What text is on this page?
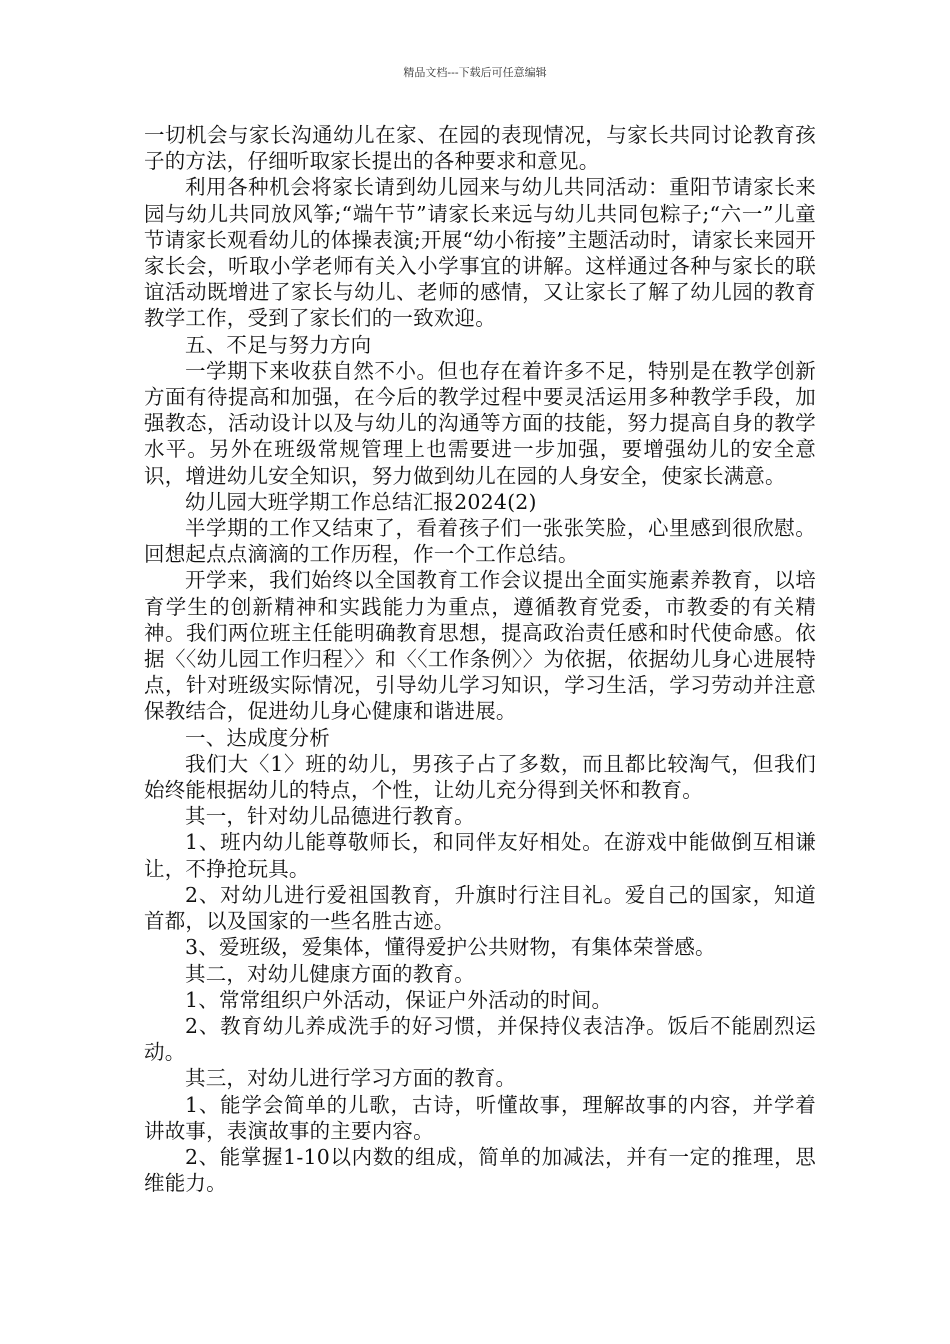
精品文档---下载后可任意编辑

一切机会与家长沟通幼儿在家、在园的表现情况，与家长共同讨论教育孩子的方法，仔细听取家长提出的各种要求和意见。

利用各种机会将家长请到幼儿园来与幼儿共同活动：重阳节请家长来园与幼儿共同放风筝;“端午节”请家长来远与幼儿共同包粽子;“六一”儿童节请家长观看幼儿的体操表演;开展“幼小衔接”主题活动时，请家长来园开家长会，听取小学老师有关入小学事宜的讲解。这样通过各种与家长的联谊活动既增进了家长与幼儿、老师的感情，又让家长了解了幼儿园的教育教学工作，受到了家长们的一致欢迎。

五、不足与努力方向

一学期下来收获自然不小。但也存在着许多不足，特别是在教学创新方面有待提高和加强，在今后的教学过程中要灵活运用多种教学手段，加强教态，活动设计以及与幼儿的沟通等方面的技能，努力提高自身的教学水平。另外在班级常规管理上也需要进一步加强，要增强幼儿的安全意识，增进幼儿安全知识，努力做到幼儿在园的人身安全，使家长满意。

幼儿园大班学期工作总结汇报2024(2)

半学期的工作又结束了，看着孩子们一张张笑脸，心里感到很欣慰。回想起点点滴滴的工作历程，作一个工作总结。

开学来，我们始终以全国教育工作会议提出全面实施素养教育，以培育学生的创新精神和实践能力为重点，遵循教育党委，市教委的有关精神。我们两位班主任能明确教育思想，提高政治责任感和时代使命感。依据〈〈幼儿园工作归程〉〉和〈〈工作条例〉〉为依据，依据幼儿身心进展特点，针对班级实际情况，引导幼儿学习知识，学习生活，学习劳动并注意保教结合，促进幼儿身心健康和谐进展。

一、达成度分析

我们大〈1〉班的幼儿，男孩子占了多数，而且都比较淘气，但我们始终能根据幼儿的特点，个性，让幼儿充分得到关怀和教育。

其一，针对幼儿品德进行教育。

1、班内幼儿能尊敬师长，和同伴友好相处。在游戏中能做倒互相谦让，不挣抢玩具。

2、对幼儿进行爱祖国教育，升旗时行注目礼。爱自己的国家，知道首都，以及国家的一些名胜古迹。

3、爱班级，爱集体，懂得爱护公共财物，有集体荣誉感。

其二，对幼儿健康方面的教育。

1、常常组织户外活动，保证户外活动的时间。

2、教育幼儿养成洗手的好习惯，并保持仪表洁净。饭后不能剧烈运动。

其三，对幼儿进行学习方面的教育。

1、能学会简单的儿歌，古诗，听懂故事，理解故事的内容，并学着讲故事，表演故事的主要内容。

2、能掌握1-10以内数的组成，简单的加减法，并有一定的推理，思维能力。
